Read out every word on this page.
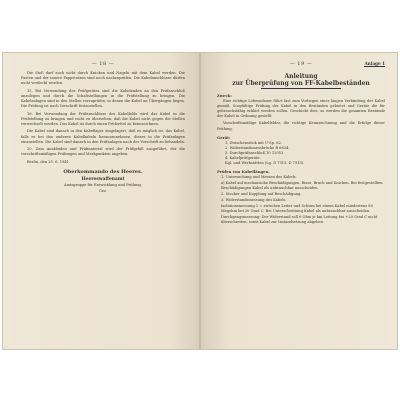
— 18 —

Die Stoß darf auch nicht durch Knicken und Nageln mit dem Kabel werden. Die Pasten und der innere Pappstutzen sind noch nachzuprüfen. Die Kabelanschlüsse dürfen nicht verdeckt werden.

15. Bei Verwendung des Prüfgerätes sind die Kabelenden an den Prüfanschluß anzulegen und durch die Schaltstellungen in die Prüfstellung zu bringen. Die Kabelanlagen sind in den Stellen vorzuprüfen, in denen die Kabel an Übergängen liegen. Die Prüfung ist nach Vorschrift festzustellen.

16. Bei Verwendung der Prüfanschlüsse des Kabelfelds wird das Kabel in die Prüfstellung zu bringen und nicht zu übersehen, daß die Kabel nicht gegen die Stellen verwechselt werden. Das Kabel ist durch einen Prüfzettel zu kennzeichnen.

Die Kabel sind danach in den Kabellager eingelagert, daß es möglich ist, das Kabel, falls es bei den anderen Kabelkabeln herauszunehmen, dieses in die Prüfanlagen einzustellen. Die Kabel sind danach in den Prüfanlagen nach der Vorschrift zu behandeln.

20. Zum Auskleiden und Prüfmaterial wird der Prüfgefäß ausgeführt, der die vorschriftsmäßigen Prüfungen und Merkpunkten angeben.

Berlin, den 25. 6. 1941.
Oberkommando des Heeres.
Heereswaffenamt
Amtsgruppe für Entwicklung und Prüfung.
Gez.
— 19 —	Anlage 1
Anleitung
zur Überprüfung von FF-Kabelbeständen
Zweck:

Eine richtige Lebensdauer führt fast zum Vorliegen einer langen Verbindung der Kabel gemäß. Sorgfältige Prüfung der Kabel in den Beständen gebietet und Geräte die für gebrauchsfähig erklärt werden sollen. Geschieht dies, so werden die gesamten Bestände der Kabel in Ordnung gestellt.

Vorschriftsmäßige Kabelfelder, die richtige Kennzeichnung und die Erfolge dieser Prüfung.

Gerät:
1. Zwischenstück mit U-Sp. 62.
2. Widerstandsmessbrücke B 6634.
3. Durchprüfanschluß 10 12953.
4. Kabelprüfgeräte.
Kgl. und Werkstätten (Lg. D 7915, D 7915).
Prüfen von Kabellängen.
1. Untersuchung und Messen des Kabels.
a) Kabel auf mechanische Beschädigungen, Risse, Bruch und Knicken. Bei festgestellten Beschädigungen Kabel als unbrauchbar ausscheiden.
2. Stecker und Kupplung auf Beschädigung.
3. Widerstandsmessung des Kabels.
Isolationsmessung 1 = zwischen Leiter und Schirm bei einem Kabel mindestens 80 Megohm bei 20 Grad C. Bei Unterschreitung Kabel als unbrauchbar ausscheiden.
Durchgangsmessung: Der Widerstand soll 6 Ohm je km Leitung bei +20 Grad C nicht überschreiten, sonst Kabel zur Instandsetzung abgeben.
